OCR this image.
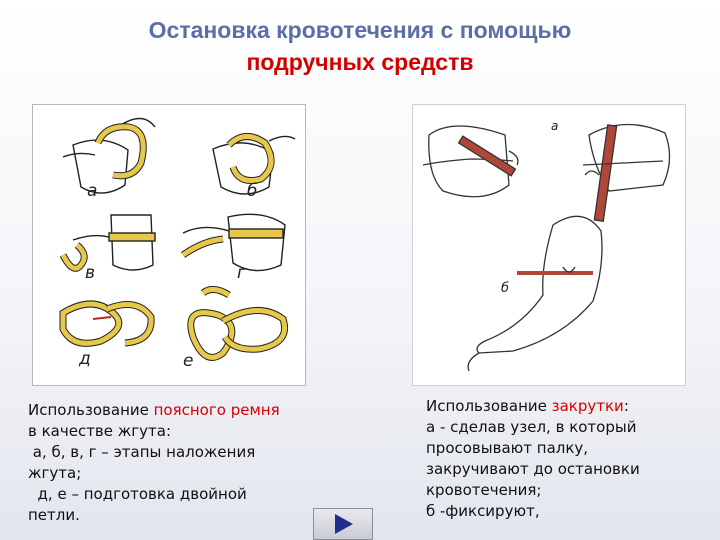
Остановка кровотечения с помощью
подручных средств
а	б
в	г
д	е
а
б
Использование поясного ремня
в качестве жгута:
а, б, в, г – этапы наложения
жгута;
д, е – подготовка двойной
петли.
Использование закрутки:
а - сделав узел, в который
просовывают палку,
закручивают до остановки
кровотечения;
б -фиксируют,
